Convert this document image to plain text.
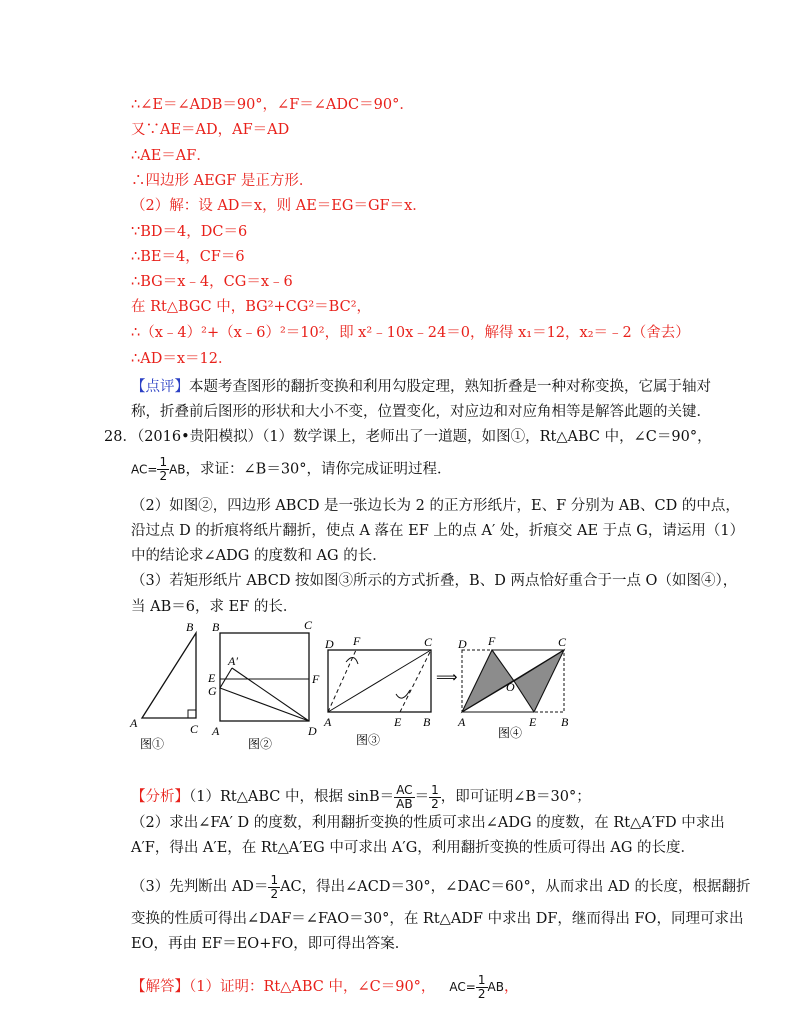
∴∠E＝∠ADB＝90°，∠F＝∠ADC＝90°．
又∵AE＝AD，AF＝AD
∴AE＝AF．
∴四边形 AEGF 是正方形．
（2）解：设 AD＝x，则 AE＝EG＝GF＝x．
∵BD＝4，DC＝6
∴BE＝4，CF＝6
∴BG＝x﹣4，CG＝x﹣6
在 Rt△BGC 中，BG²+CG²＝BC²，
∴（x﹣4）²+（x﹣6）²＝10²，即 x²﹣10x﹣24＝0，解得 x₁＝12，x₂＝﹣2（舍去）
∴AD＝x＝12．
【点评】本题考查图形的翻折变换和利用勾股定理，熟知折叠是一种对称变换，它属于轴对
称，折叠前后图形的形状和大小不变，位置变化，对应边和对应角相等是解答此题的关键．
28．（2016•贵阳模拟）（1）数学课上，老师出了一道题，如图①，Rt△ABC 中，∠C＝90°，
$AC= \frac{1}{2}$ AB，求证：∠B＝30°，请你完成证明过程．
（2）如图②，四边形 ABCD 是一张边长为 2 的正方形纸片，E、F 分别为 AB、CD 的中点，
沿过点 D 的折痕将纸片翻折，使点 A 落在 EF 上的点 A′ 处，折痕交 AE 于点 G，请运用（1）
中的结论求∠ADG 的度数和 AG 的长．
（3）若矩形纸片 ABCD 按如图③所示的方式折叠，B、D 两点恰好重合于一点 O（如图④），
当 AB＝6，求 EF 的长．
A
B
C
B	C
A′
E
G
F
A	D
D F	C
A	E B
⟹
D F	C
O
A	E B
图①	图②	图③	图④
【分析】（1）Rt△ABC 中，根据 $\sin B= \frac{AC}{AB} = \frac{1}{2}$ ，即可证明∠B＝30°；
（2）求出∠FA′ D 的度数，利用翻折变换的性质可求出∠ADG 的度数，在 Rt△A′FD 中求出
A′F，得出 A′E，在 Rt△A′EG 中可求出 A′G，利用翻折变换的性质可得出 AG 的长度．
（3）先判断出 $AD= \frac{1}{2}$ AC，得出∠ACD＝30°，∠DAC＝60°，从而求出 AD 的长度，根据翻折
变换的性质可得出∠DAF＝∠FAO＝30°，在 Rt△ADF 中求出 DF，继而得出 FO，同理可求出
EO，再由 EF＝EO+FO，即可得出答案．
【解答】（1）证明：Rt△ABC 中，∠C＝90°， $AC= \frac{1}{2}$ AB，
